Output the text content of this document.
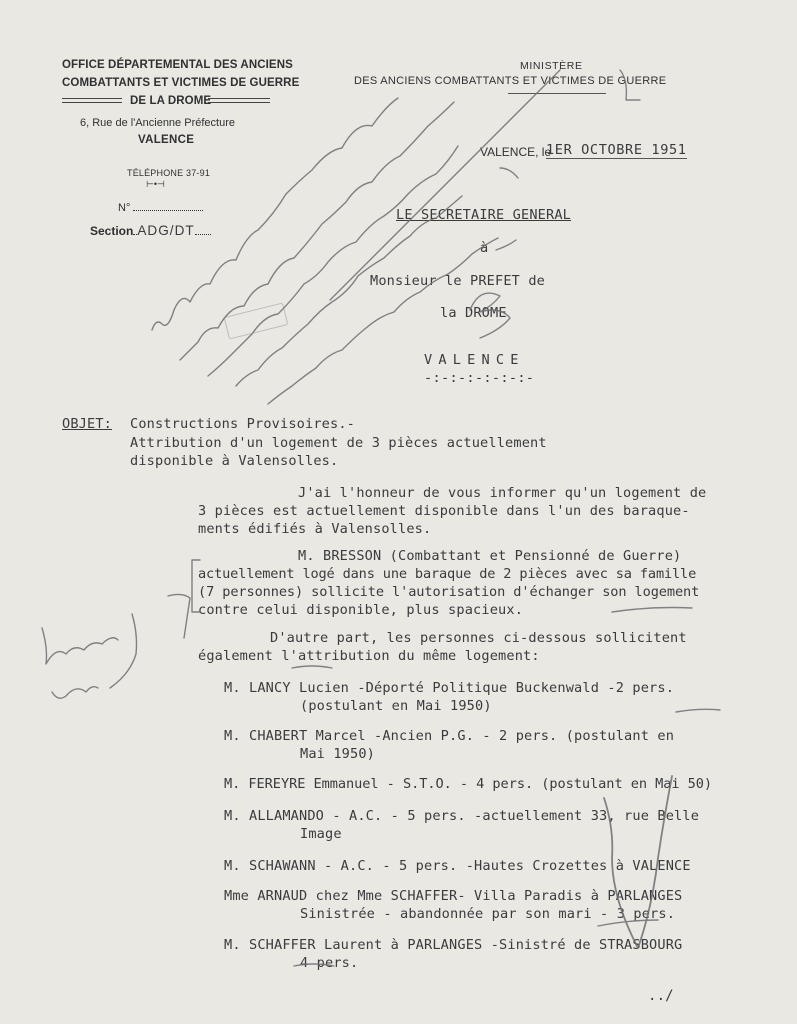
OFFICE DÉPARTEMENTAL DES ANCIENS
COMBATTANTS ET VICTIMES DE GUERRE
DE LA DROME
6, Rue de l'Ancienne Préfecture
VALENCE
TÉLÉPHONE 37-91
⊢•⊣
N°
Section ADG/DT
MINISTÈRE
DES ANCIENS COMBATTANTS ET VICTIMES DE GUERRE
VALENCE, le
1ER OCTOBRE 1951
LE SECRETAIRE GENERAL
à
Monsieur le PREFET de
la DROME
VALENCE
-:-:-:-:-:-:-
OBJET: Constructions Provisoires.-
Attribution d'un logement de 3 pièces actuellement
disponible à Valensolles.
J'ai l'honneur de vous informer qu'un logement de
3 pièces est actuellement disponible dans l'un des baraque-
ments édifiés à Valensolles.
M. BRESSON (Combattant et Pensionné de Guerre)
actuellement logé dans une baraque de 2 pièces avec sa famille
(7 personnes) sollicite l'autorisation d'échanger son logement
contre celui disponible, plus spacieux.
D'autre part, les personnes ci-dessous sollicitent
également l'attribution du même logement:
M. LANCY Lucien -Déporté Politique Buckenwald -2 pers.
(postulant en Mai 1950)
M. CHABERT Marcel -Ancien P.G. - 2 pers. (postulant en
Mai 1950)
M. FEREYRE Emmanuel - S.T.O. - 4 pers. (postulant en Mai 50)
M. ALLAMANDO - A.C. - 5 pers. -actuellement 33, rue Belle
Image
M. SCHAWANN - A.C. - 5 pers. -Hautes Crozettes à VALENCE
Mme ARNAUD chez Mme SCHAFFER- Villa Paradis à PARLANGES
Sinistrée - abandonnée par son mari - 3 pers.
M. SCHAFFER Laurent à PARLANGES -Sinistré de STRASBOURG
4 pers.
../
